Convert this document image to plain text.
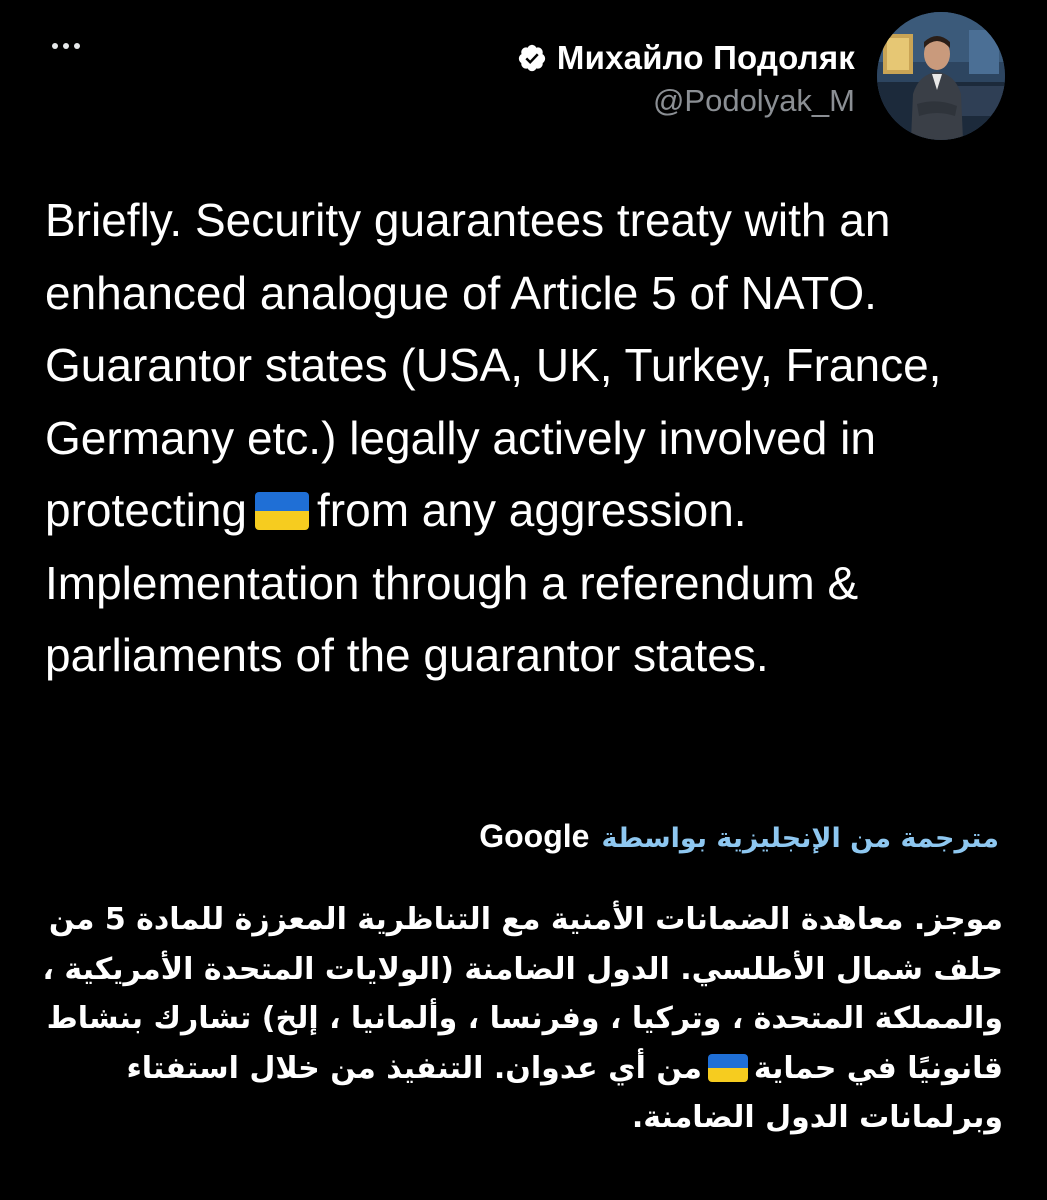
Михайло Подоляк
@Podolyak_M

Briefly. Security guarantees treaty with an enhanced analogue of Article 5 of NATO. Guarantor states (USA, UK, Turkey, France, Germany etc.) legally actively involved in protecting from any aggression. Implementation through a referendum & parliaments of the guarantor states.

مترجمة من الإنجليزية بواسطة
Google

موجز. معاهدة الضمانات الأمنية مع التناظرية المعززة للمادة 5 من حلف شمال الأطلسي. الدول الضامنة (الولايات المتحدة الأمريكية ، والمملكة المتحدة ، وتركيا ، وفرنسا ، وألمانيا ، إلخ) تشارك بنشاط قانونيًا في حماية
من أي عدوان. التنفيذ من خلال استفتاء وبرلمانات الدول الضامنة.
